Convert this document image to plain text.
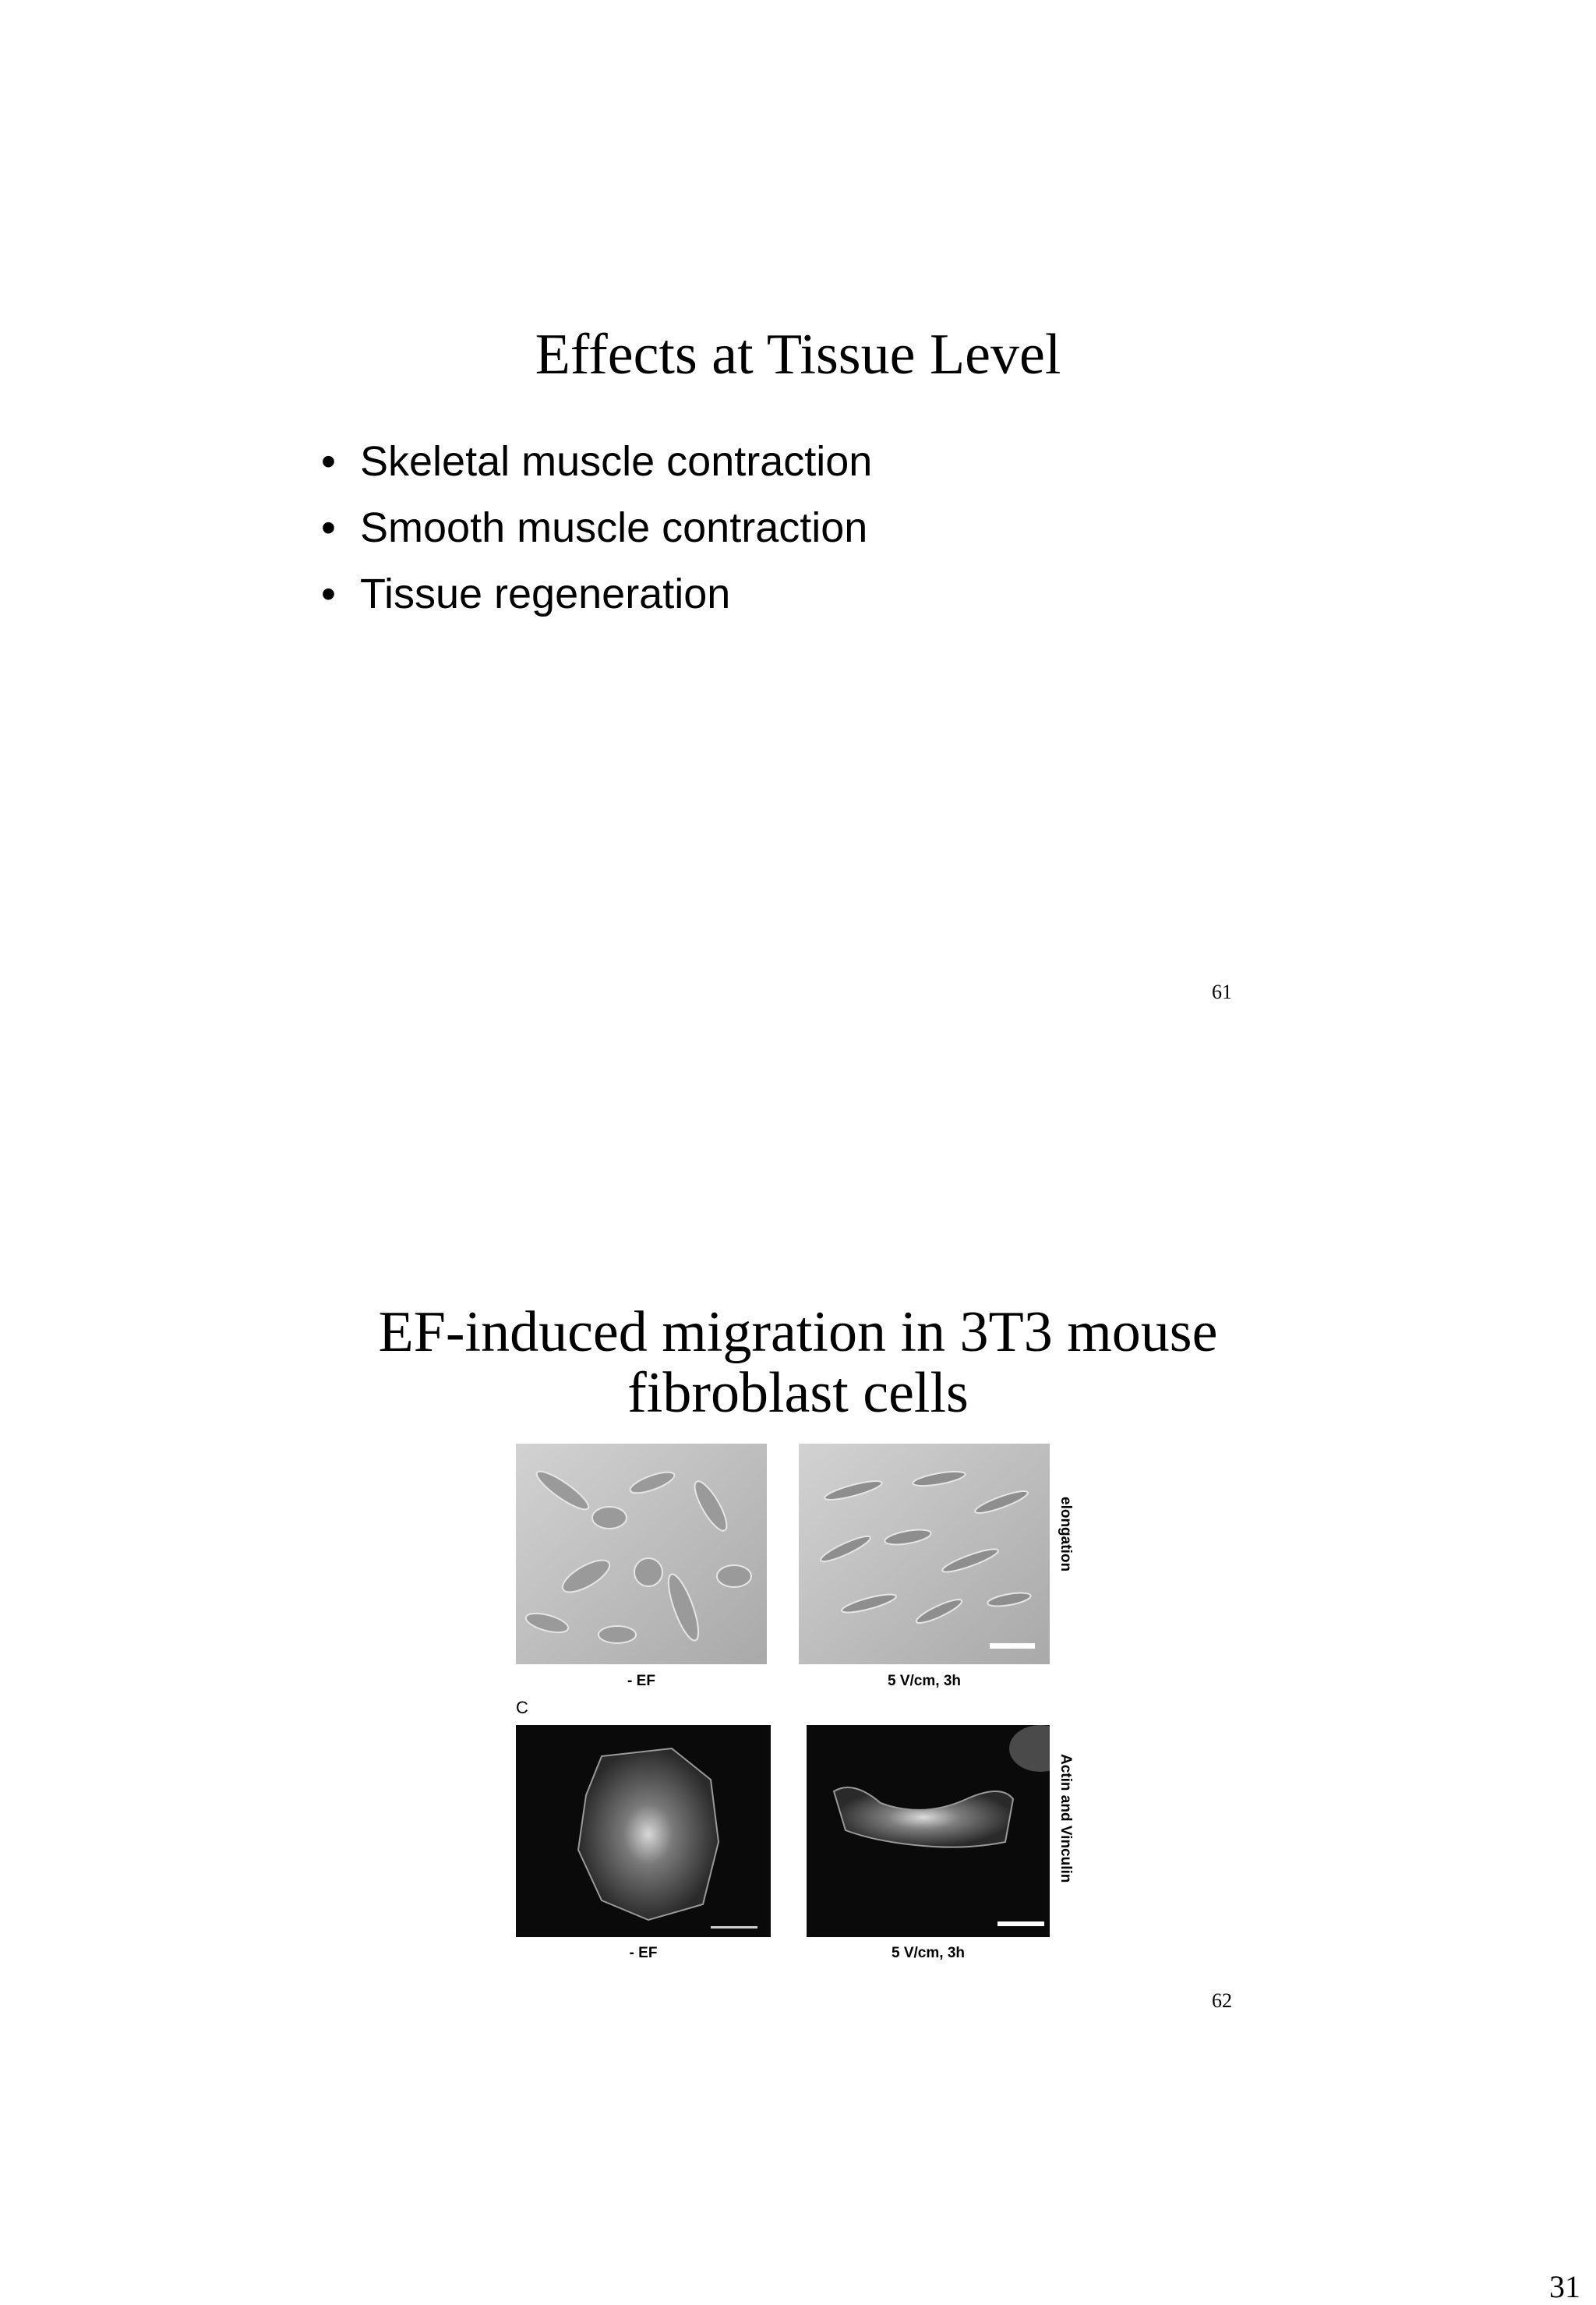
Effects at Tissue Level
• Skeletal muscle contraction
• Smooth muscle contraction
• Tissue regeneration
61
EF-induced migration in 3T3 mouse
fibroblast cells
- EF	5 V/cm, 3h
elongation
C
- EF	5 V/cm, 3h
Actin and Vinculin
62
31
